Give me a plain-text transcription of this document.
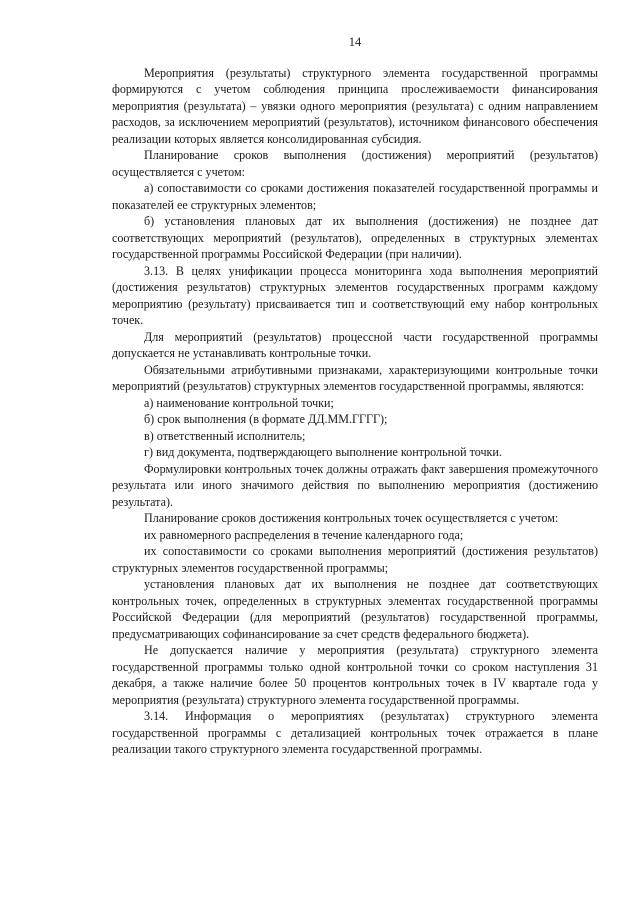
14

Мероприятия (результаты) структурного элемента государственной программы формируются с учетом соблюдения принципа прослеживаемости финансирования мероприятия (результата) – увязки одного мероприятия (результата) с одним направлением расходов, за исключением мероприятий (результатов), источником финансового обеспечения реализации которых является консолидированная субсидия.

Планирование сроков выполнения (достижения) мероприятий (результатов) осуществляется с учетом:

а) сопоставимости со сроками достижения показателей государственной программы и показателей ее структурных элементов;

б) установления плановых дат их выполнения (достижения) не позднее дат соответствующих мероприятий (результатов), определенных в структурных элементах государственной программы Российской Федерации (при наличии).

3.13. В целях унификации процесса мониторинга хода выполнения мероприятий (достижения результатов) структурных элементов государственных программ каждому мероприятию (результату) присваивается тип и соответствующий ему набор контрольных точек.

Для мероприятий (результатов) процессной части государственной программы допускается не устанавливать контрольные точки.

Обязательными атрибутивными признаками, характеризующими контрольные точки мероприятий (результатов) структурных элементов государственной программы, являются:

а) наименование контрольной точки;

б) срок выполнения (в формате ДД.ММ.ГГГГ);

в) ответственный исполнитель;

г) вид документа, подтверждающего выполнение контрольной точки.

Формулировки контрольных точек должны отражать факт завершения промежуточного результата или иного значимого действия по выполнению мероприятия (достижению результата).

Планирование сроков достижения контрольных точек осуществляется с учетом:

их равномерного распределения в течение календарного года;

их сопоставимости со сроками выполнения мероприятий (достижения результатов) структурных элементов государственной программы;

установления плановых дат их выполнения не позднее дат соответствующих контрольных точек, определенных в структурных элементах государственной программы Российской Федерации (для мероприятий (результатов) государственной программы, предусматривающих софинансирование за счет средств федерального бюджета).

Не допускается наличие у мероприятия (результата) структурного элемента государственной программы только одной контрольной точки со сроком наступления 31 декабря, а также наличие более 50 процентов контрольных точек в IV квартале года у мероприятия (результата) структурного элемента государственной программы.

3.14. Информация о мероприятиях (результатах) структурного элемента государственной программы с детализацией контрольных точек отражается в плане реализации такого структурного элемента государственной программы.
